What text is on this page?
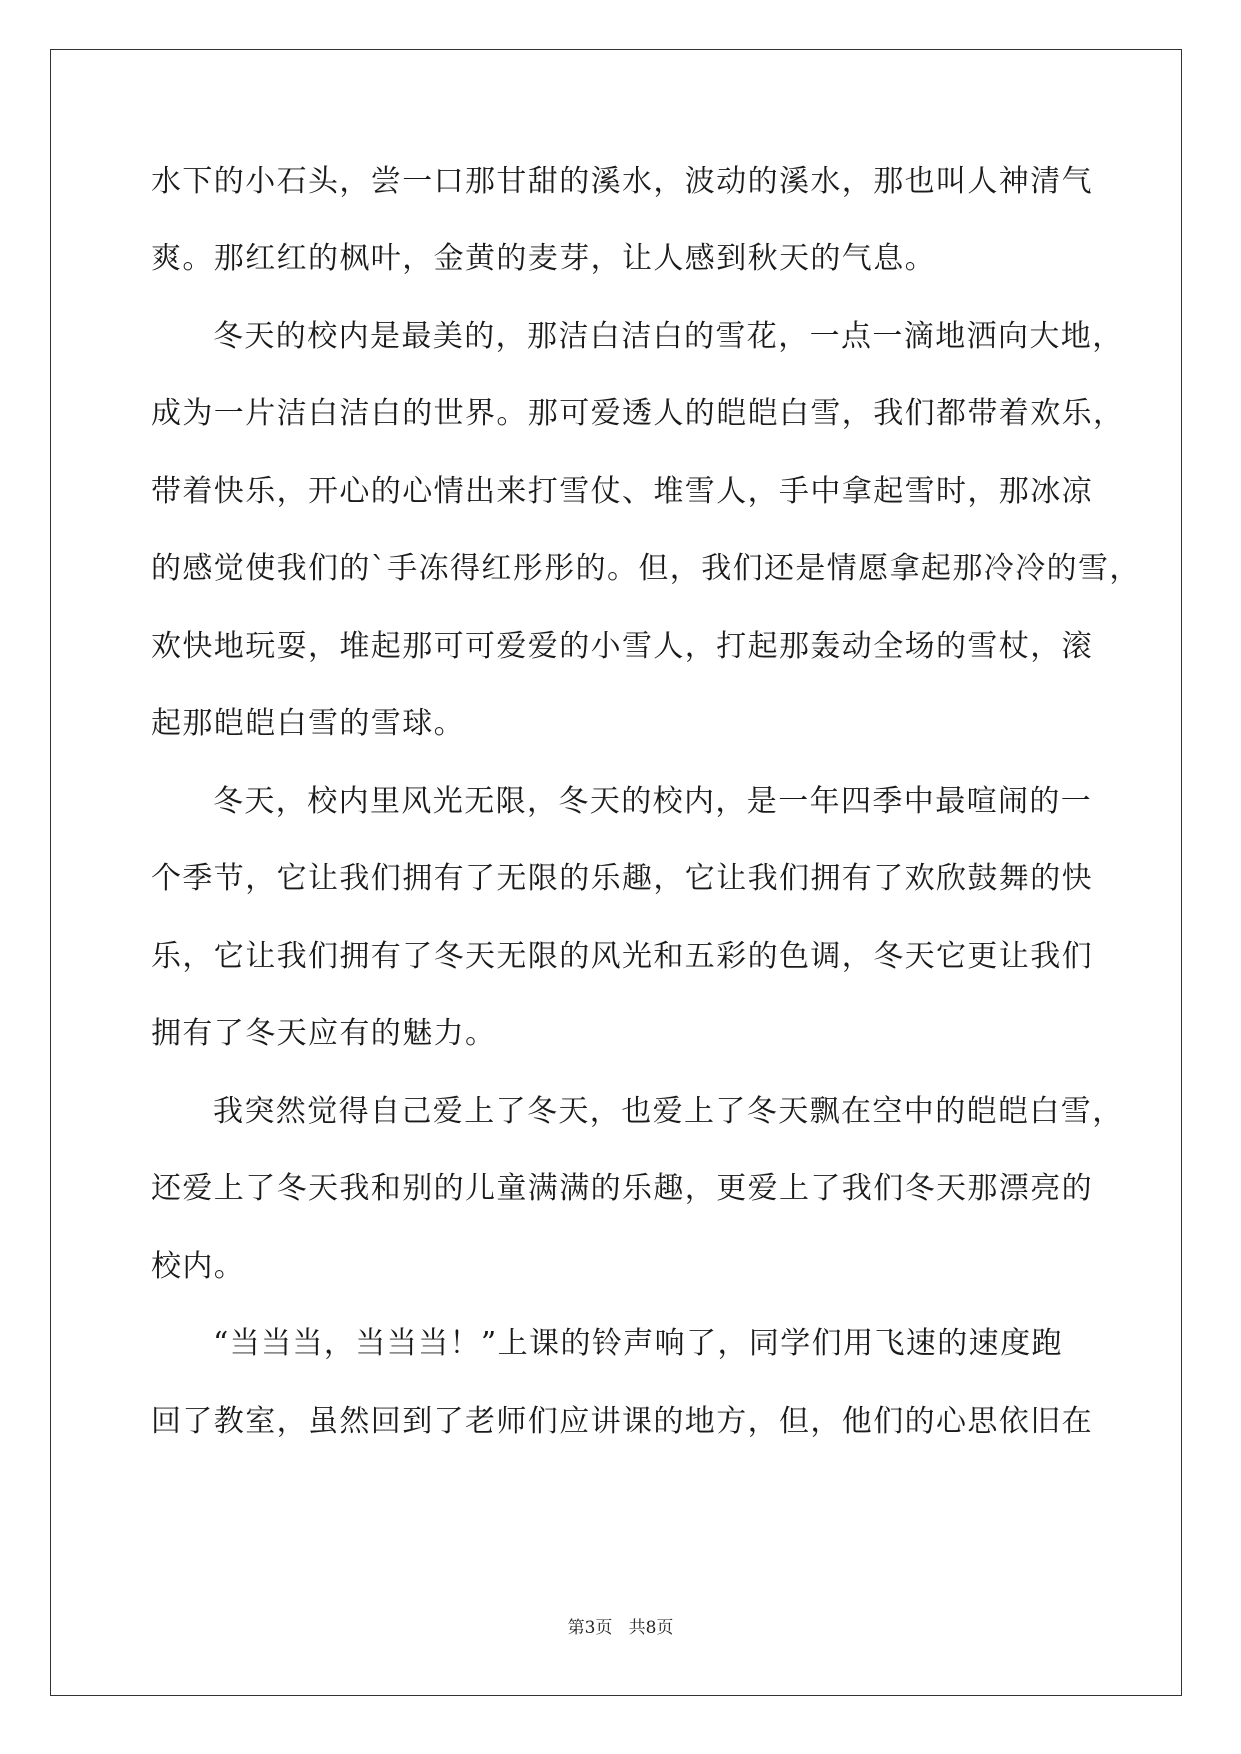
水下的小石头，尝一口那甘甜的溪水，波动的溪水，那也叫人神清气
爽。那红红的枫叶，金黄的麦芽，让人感到秋天的气息。
冬天的校内是最美的，那洁白洁白的雪花，一点一滴地洒向大地，
成为一片洁白洁白的世界。那可爱透人的皑皑白雪，我们都带着欢乐，
带着快乐，开心的心情出来打雪仗、堆雪人，手中拿起雪时，那冰凉
的感觉使我们的`手冻得红彤彤的。但，我们还是情愿拿起那冷冷的雪，
欢快地玩耍，堆起那可可爱爱的小雪人，打起那轰动全场的雪杖，滚
起那皑皑白雪的雪球。
冬天，校内里风光无限，冬天的校内，是一年四季中最喧闹的一
个季节，它让我们拥有了无限的乐趣，它让我们拥有了欢欣鼓舞的快
乐，它让我们拥有了冬天无限的风光和五彩的色调，冬天它更让我们
拥有了冬天应有的魅力。
我突然觉得自己爱上了冬天，也爱上了冬天飘在空中的皑皑白雪，
还爱上了冬天我和别的儿童满满的乐趣，更爱上了我们冬天那漂亮的
校内。
“当当当，当当当！”上课的铃声响了，同学们用飞速的速度跑
回了教室，虽然回到了老师们应讲课的地方，但，他们的心思依旧在
第3页   共8页
